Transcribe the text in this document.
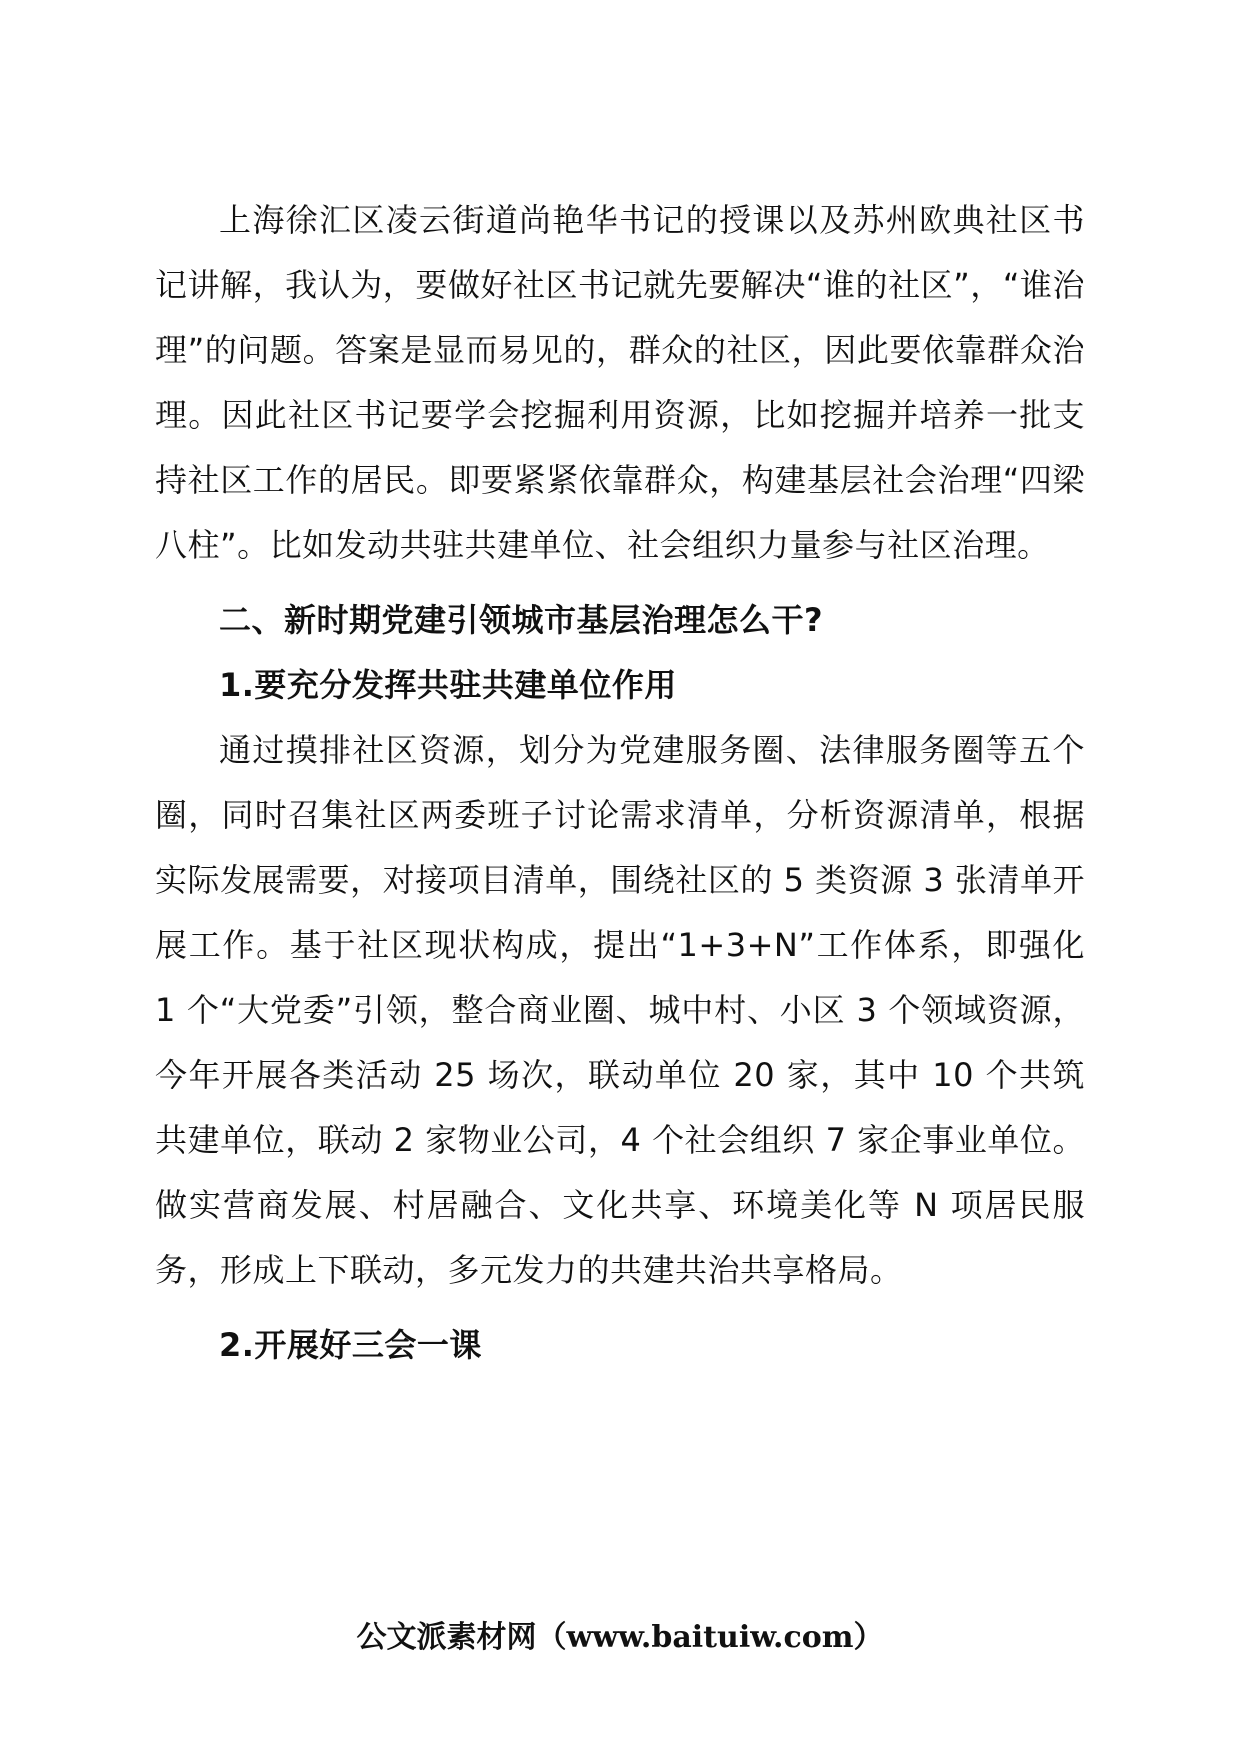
上海徐汇区凌云街道尚艳华书记的授课以及苏州欧典社区书记讲解，我认为，要做好社区书记就先要解决“谁的社区”，“谁治理”的问题。答案是显而易见的，群众的社区，因此要依靠群众治理。因此社区书记要学会挖掘利用资源，比如挖掘并培养一批支持社区工作的居民。即要紧紧依靠群众，构建基层社会治理“四梁八柱”。比如发动共驻共建单位、社会组织力量参与社区治理。

二、新时期党建引领城市基层治理怎么干?

1.要充分发挥共驻共建单位作用

通过摸排社区资源，划分为党建服务圈、法律服务圈等五个圈，同时召集社区两委班子讨论需求清单，分析资源清单，根据实际发展需要，对接项目清单，围绕社区的 5 类资源 3 张清单开展工作。基于社区现状构成，提出“1+3+N”工作体系，即强化 1 个“大党委”引领，整合商业圈、城中村、小区 3 个领域资源，今年开展各类活动 25 场次，联动单位 20 家，其中 10 个共筑共建单位，联动 2 家物业公司，4 个社会组织 7 家企事业单位。做实营商发展、村居融合、文化共享、环境美化等 N 项居民服务，形成上下联动，多元发力的共建共治共享格局。

2.开展好三会一课

公文派素材网（www.baituiw.com）
